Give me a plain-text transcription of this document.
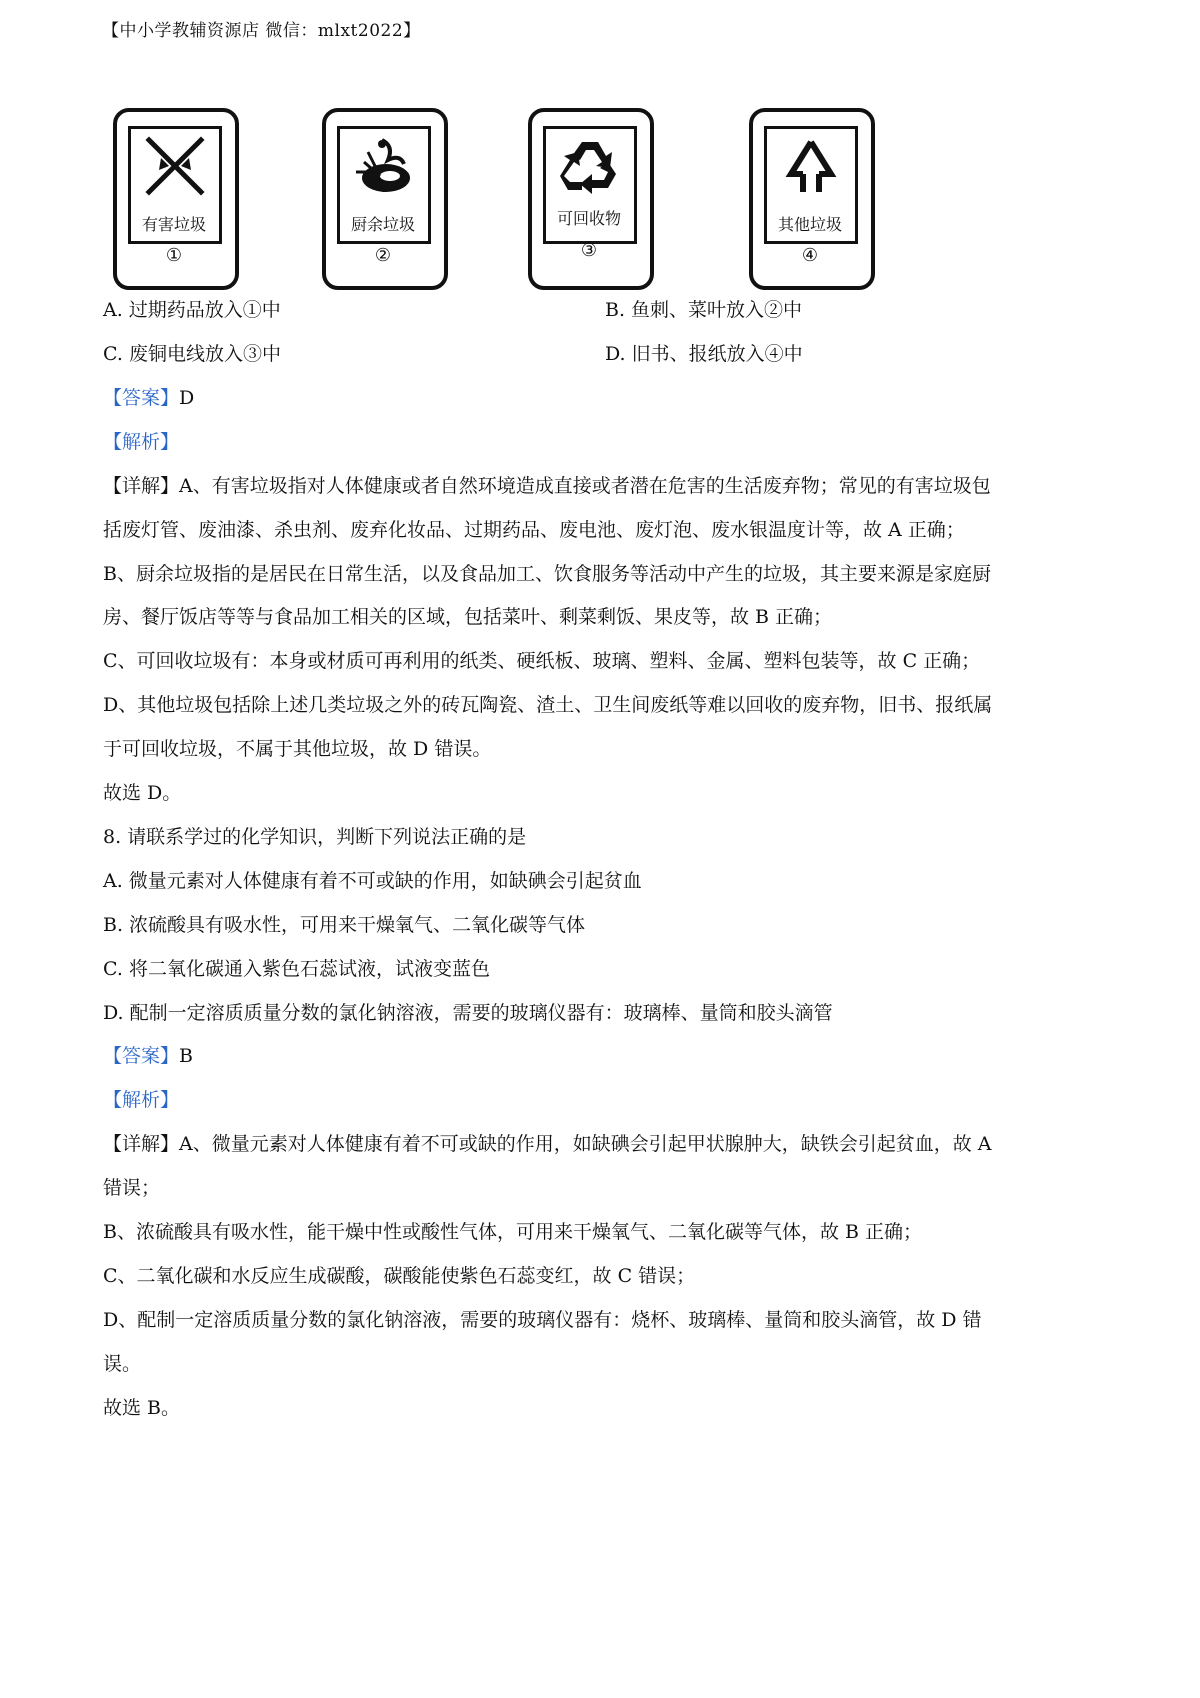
【中小学教辅资源店 微信：mlxt2022】
有害垃圾
①
厨余垃圾
②
可回收物
③
其他垃圾
④
A. 过期药品放入①中	B. 鱼刺、菜叶放入②中
C. 废铜电线放入③中	D. 旧书、报纸放入④中
【答案】D
【解析】
【详解】A、有害垃圾指对人体健康或者自然环境造成直接或者潜在危害的生活废弃物；常见的有害垃圾包
括废灯管、废油漆、杀虫剂、废弃化妆品、过期药品、废电池、废灯泡、废水银温度计等，故 A 正确；
B、厨余垃圾指的是居民在日常生活，以及食品加工、饮食服务等活动中产生的垃圾，其主要来源是家庭厨
房、餐厅饭店等等与食品加工相关的区域，包括菜叶、剩菜剩饭、果皮等，故 B 正确；
C、可回收垃圾有：本身或材质可再利用的纸类、硬纸板、玻璃、塑料、金属、塑料包装等，故 C 正确；
D、其他垃圾包括除上述几类垃圾之外的砖瓦陶瓷、渣土、卫生间废纸等难以回收的废弃物，旧书、报纸属
于可回收垃圾，不属于其他垃圾，故 D 错误。
故选 D。
8. 请联系学过的化学知识，判断下列说法正确的是
A. 微量元素对人体健康有着不可或缺的作用，如缺碘会引起贫血
B. 浓硫酸具有吸水性，可用来干燥氧气、二氧化碳等气体
C. 将二氧化碳通入紫色石蕊试液，试液变蓝色
D. 配制一定溶质质量分数的氯化钠溶液，需要的玻璃仪器有：玻璃棒、量筒和胶头滴管
【答案】B
【解析】
【详解】A、微量元素对人体健康有着不可或缺的作用，如缺碘会引起甲状腺肿大，缺铁会引起贫血，故 A
错误；
B、浓硫酸具有吸水性，能干燥中性或酸性气体，可用来干燥氧气、二氧化碳等气体，故 B 正确；
C、二氧化碳和水反应生成碳酸，碳酸能使紫色石蕊变红，故 C 错误；
D、配制一定溶质质量分数的氯化钠溶液，需要的玻璃仪器有：烧杯、玻璃棒、量筒和胶头滴管，故 D 错
误。
故选 B。
